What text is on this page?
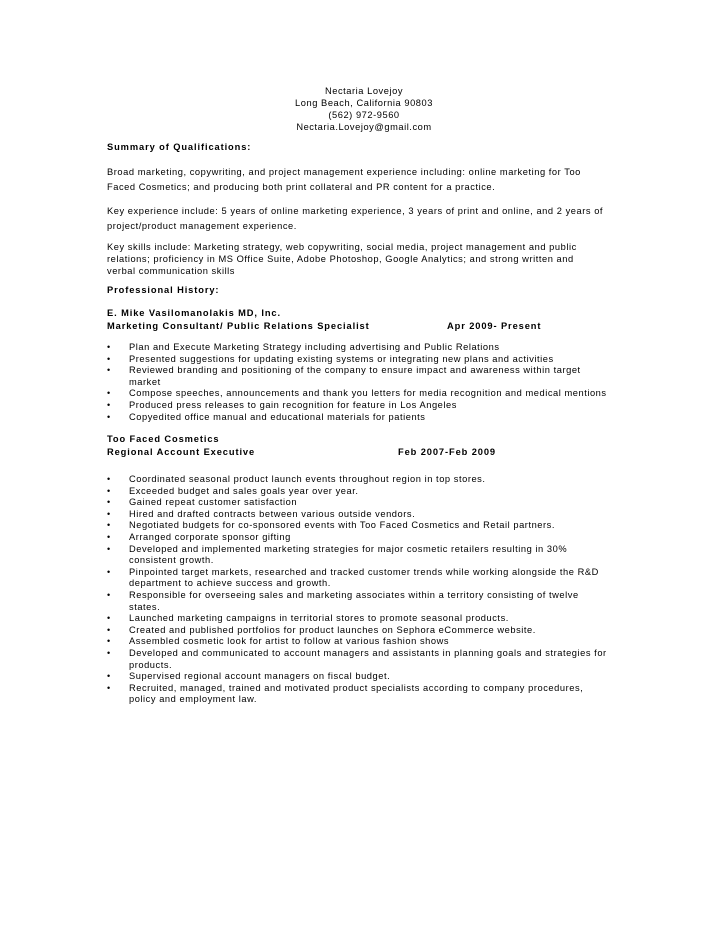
Nectaria Lovejoy
Long Beach, California 90803
(562) 972-9560
Nectaria.Lovejoy@gmail.com
Summary of Qualifications:
Broad marketing, copywriting, and project management experience including: online marketing for Too
Faced Cosmetics; and producing both print collateral and PR content for a practice.
Key experience include: 5 years of online marketing experience, 3 years of print and online, and 2 years of
project/product management experience.
Key skills include: Marketing strategy, web copywriting, social media, project management and public
relations; proficiency in MS Office Suite, Adobe Photoshop, Google Analytics; and strong written and
verbal communication skills
Professional History:
E. Mike Vasilomanolakis MD, Inc.
Marketing Consultant/ Public Relations Specialist	Apr 2009- Present
• Plan and Execute Marketing Strategy including advertising and Public Relations
• Presented suggestions for updating existing systems or integrating new plans and activities
• Reviewed branding and positioning of the company to ensure impact and awareness within target
market
• Compose speeches, announcements and thank you letters for media recognition and medical mentions
• Produced press releases to gain recognition for feature in Los Angeles
• Copyedited office manual and educational materials for patients
Too Faced Cosmetics
Regional Account Executive	Feb 2007-Feb 2009
• Coordinated seasonal product launch events throughout region in top stores.
• Exceeded budget and sales goals year over year.
• Gained repeat customer satisfaction
• Hired and drafted contracts between various outside vendors.
• Negotiated budgets for co-sponsored events with Too Faced Cosmetics and Retail partners.
• Arranged corporate sponsor gifting
• Developed and implemented marketing strategies for major cosmetic retailers resulting in 30%
consistent growth.
• Pinpointed target markets, researched and tracked customer trends while working alongside the R&D
department to achieve success and growth.
• Responsible for overseeing sales and marketing associates within a territory consisting of twelve
states.
• Launched marketing campaigns in territorial stores to promote seasonal products.
• Created and published portfolios for product launches on Sephora eCommerce website.
• Assembled cosmetic look for artist to follow at various fashion shows
• Developed and communicated to account managers and assistants in planning goals and strategies for
products.
• Supervised regional account managers on fiscal budget.
• Recruited, managed, trained and motivated product specialists according to company procedures,
policy and employment law.
